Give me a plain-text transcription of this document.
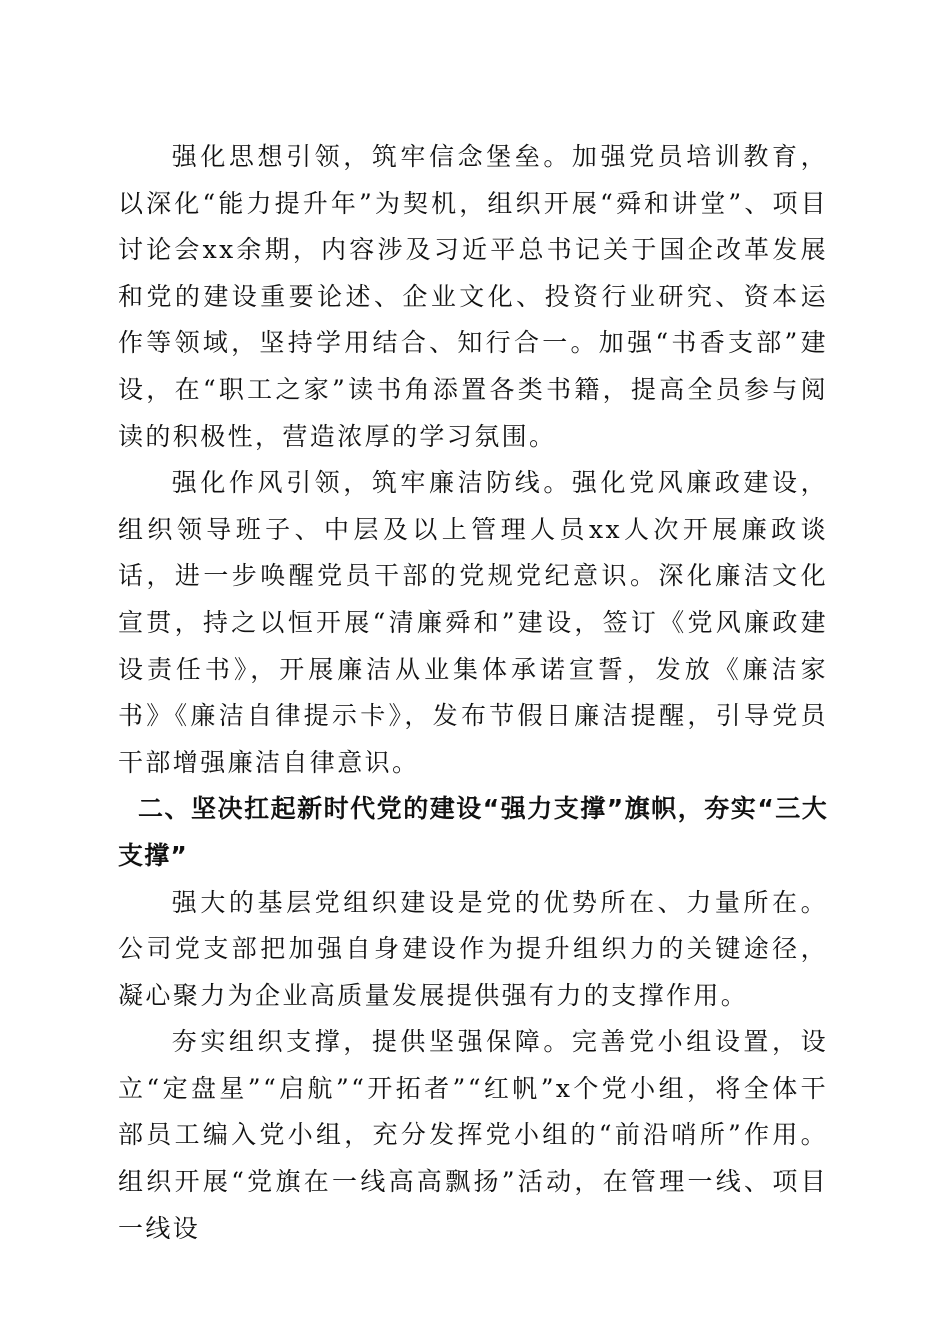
强化思想引领，筑牢信念堡垒。加强党员培训教育，以深化“能力提升年”为契机，组织开展“舜和讲堂”、项目讨论会xx余期，内容涉及习近平总书记关于国企改革发展和党的建设重要论述、企业文化、投资行业研究、资本运作等领域，坚持学用结合、知行合一。加强“书香支部”建设，在“职工之家”读书角添置各类书籍，提高全员参与阅读的积极性，营造浓厚的学习氛围。

强化作风引领，筑牢廉洁防线。强化党风廉政建设，组织领导班子、中层及以上管理人员xx人次开展廉政谈话，进一步唤醒党员干部的党规党纪意识。深化廉洁文化宣贯，持之以恒开展“清廉舜和”建设，签订《党风廉政建设责任书》，开展廉洁从业集体承诺宣誓，发放《廉洁家书》《廉洁自律提示卡》，发布节假日廉洁提醒，引导党员干部增强廉洁自律意识。

二、坚决扛起新时代党的建设“强力支撑”旗帜，夯实“三大支撑”

强大的基层党组织建设是党的优势所在、力量所在。公司党支部把加强自身建设作为提升组织力的关键途径，凝心聚力为企业高质量发展提供强有力的支撑作用。

夯实组织支撑，提供坚强保障。完善党小组设置，设立“定盘星”“启航”“开拓者”“红帆”x个党小组，将全体干部员工编入党小组，充分发挥党小组的“前沿哨所”作用。组织开展“党旗在一线高高飘扬”活动，在管理一线、项目一线设
